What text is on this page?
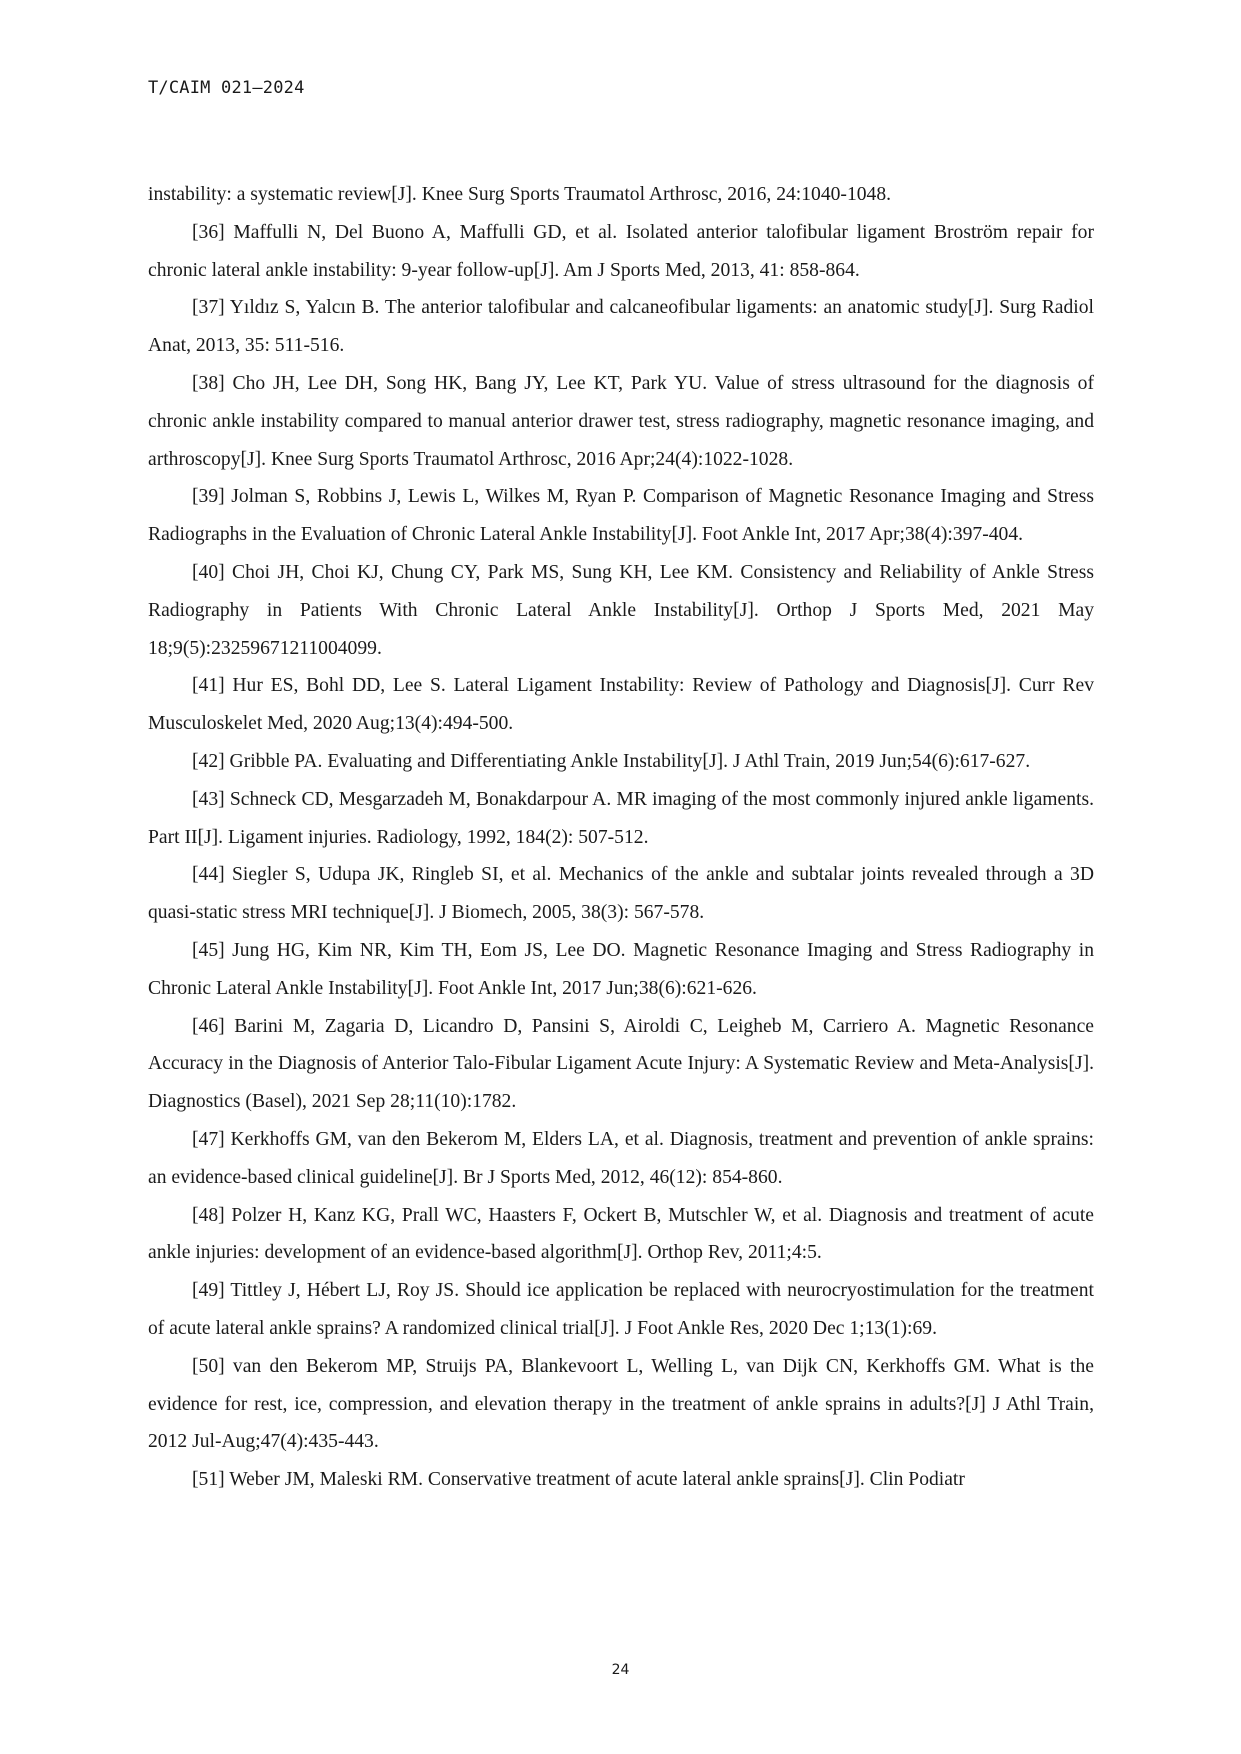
T/CAIM 021—2024

instability: a systematic review[J]. Knee Surg Sports Traumatol Arthrosc, 2016, 24:1040-1048.

[36] Maffulli N, Del Buono A, Maffulli GD, et al. Isolated anterior talofibular ligament Broström repair for chronic lateral ankle instability: 9-year follow-up[J]. Am J Sports Med, 2013, 41: 858-864.

[37] Yıldız S, Yalcın B. The anterior talofibular and calcaneofibular ligaments: an anatomic study[J]. Surg Radiol Anat, 2013, 35: 511-516.

[38] Cho JH, Lee DH, Song HK, Bang JY, Lee KT, Park YU. Value of stress ultrasound for the diagnosis of chronic ankle instability compared to manual anterior drawer test, stress radiography, magnetic resonance imaging, and arthroscopy[J]. Knee Surg Sports Traumatol Arthrosc, 2016 Apr;24(4):1022-1028.

[39] Jolman S, Robbins J, Lewis L, Wilkes M, Ryan P. Comparison of Magnetic Resonance Imaging and Stress Radiographs in the Evaluation of Chronic Lateral Ankle Instability[J]. Foot Ankle Int, 2017 Apr;38(4):397-404.

[40] Choi JH, Choi KJ, Chung CY, Park MS, Sung KH, Lee KM. Consistency and Reliability of Ankle Stress Radiography in Patients With Chronic Lateral Ankle Instability[J]. Orthop J Sports Med, 2021 May 18;9(5):23259671211004099.

[41] Hur ES, Bohl DD, Lee S. Lateral Ligament Instability: Review of Pathology and Diagnosis[J]. Curr Rev Musculoskelet Med, 2020 Aug;13(4):494-500.

[42] Gribble PA. Evaluating and Differentiating Ankle Instability[J]. J Athl Train, 2019 Jun;54(6):617-627.

[43] Schneck CD, Mesgarzadeh M, Bonakdarpour A. MR imaging of the most commonly injured ankle ligaments. Part II[J]. Ligament injuries. Radiology, 1992, 184(2): 507-512.

[44] Siegler S, Udupa JK, Ringleb SI, et al. Mechanics of the ankle and subtalar joints revealed through a 3D quasi-static stress MRI technique[J]. J Biomech, 2005, 38(3): 567-578.

[45] Jung HG, Kim NR, Kim TH, Eom JS, Lee DO. Magnetic Resonance Imaging and Stress Radiography in Chronic Lateral Ankle Instability[J]. Foot Ankle Int, 2017 Jun;38(6):621-626.

[46] Barini M, Zagaria D, Licandro D, Pansini S, Airoldi C, Leigheb M, Carriero A. Magnetic Resonance Accuracy in the Diagnosis of Anterior Talo-Fibular Ligament Acute Injury: A Systematic Review and Meta-Analysis[J]. Diagnostics (Basel), 2021 Sep 28;11(10):1782.

[47] Kerkhoffs GM, van den Bekerom M, Elders LA, et al. Diagnosis, treatment and prevention of ankle sprains: an evidence-based clinical guideline[J]. Br J Sports Med, 2012, 46(12): 854-860.

[48] Polzer H, Kanz KG, Prall WC, Haasters F, Ockert B, Mutschler W, et al. Diagnosis and treatment of acute ankle injuries: development of an evidence-based algorithm[J]. Orthop Rev, 2011;4:5.

[49] Tittley J, Hébert LJ, Roy JS. Should ice application be replaced with neurocryostimulation for the treatment of acute lateral ankle sprains? A randomized clinical trial[J]. J Foot Ankle Res, 2020 Dec 1;13(1):69.

[50] van den Bekerom MP, Struijs PA, Blankevoort L, Welling L, van Dijk CN, Kerkhoffs GM. What is the evidence for rest, ice, compression, and elevation therapy in the treatment of ankle sprains in adults?[J] J Athl Train, 2012 Jul-Aug;47(4):435-443.

[51] Weber JM, Maleski RM. Conservative treatment of acute lateral ankle sprains[J]. Clin Podiatr

24
